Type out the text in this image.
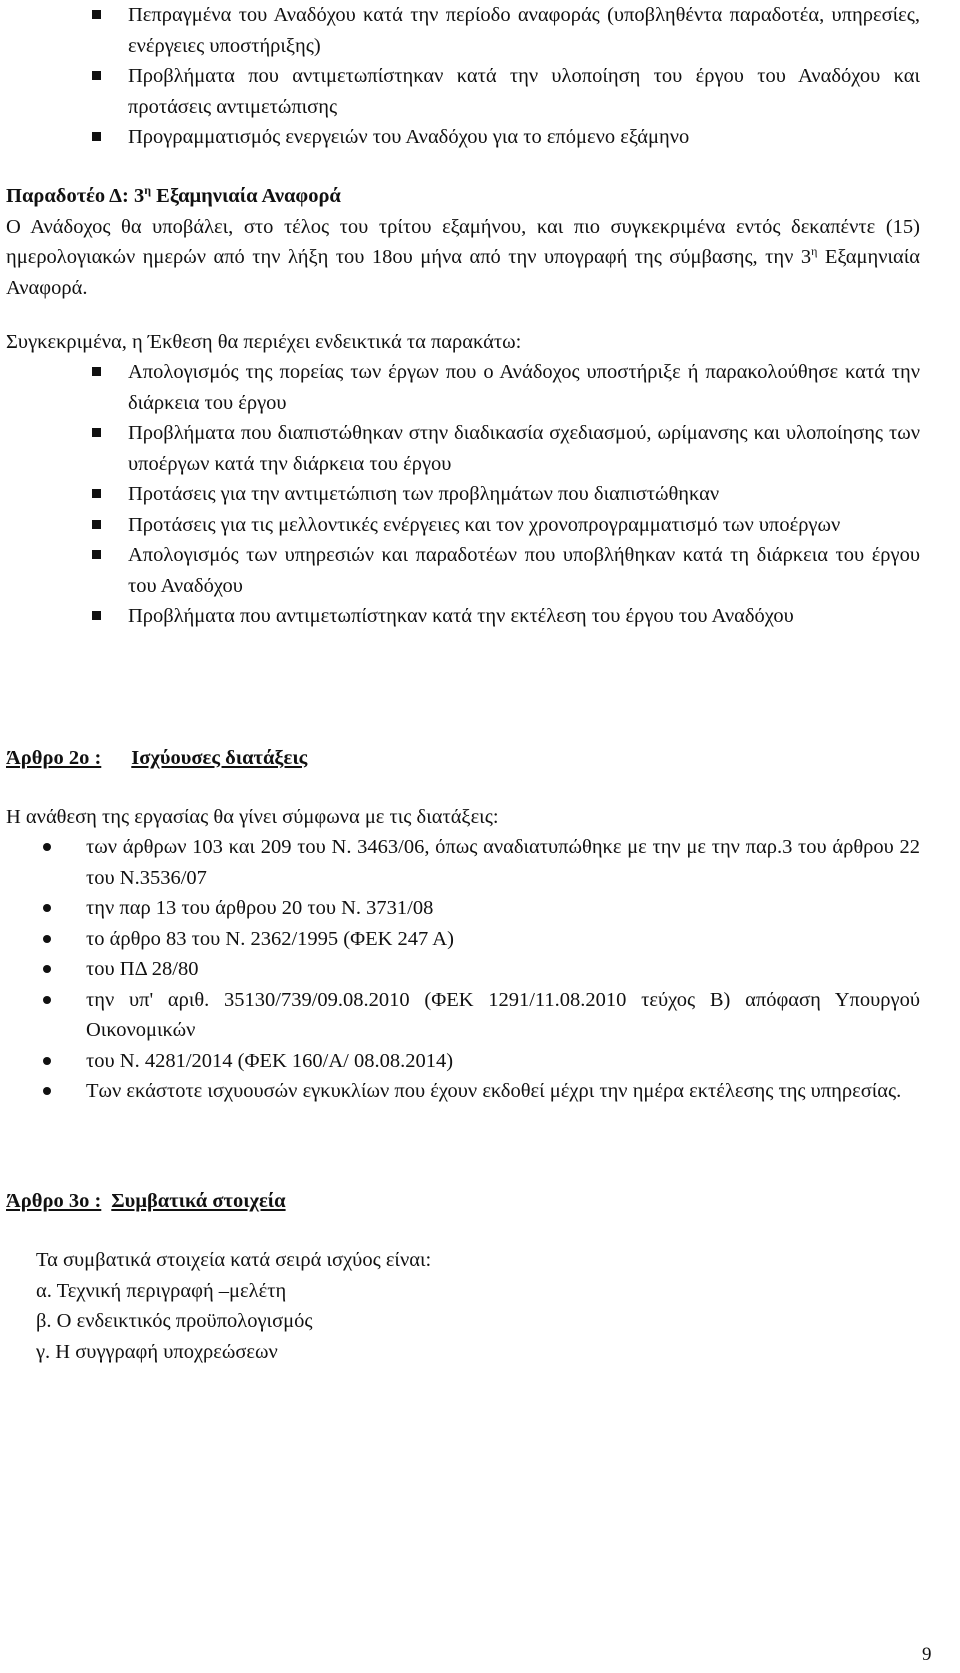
Πεπραγμένα του Αναδόχου κατά την περίοδο αναφοράς (υποβληθέντα παραδοτέα, υπηρεσίες, ενέργειες υποστήριξης)
Προβλήματα που αντιμετωπίστηκαν κατά την υλοποίηση του έργου του Αναδόχου και προτάσεις αντιμετώπισης
Προγραμματισμός ενεργειών του Αναδόχου για το επόμενο εξάμηνο

Παραδοτέο Δ: $3^\eta$ Εξαμηνιαία Αναφορά

Ο Ανάδοχος θα υποβάλει, στο τέλος του τρίτου εξαμήνου, και πιο συγκεκριμένα εντός δεκαπέντε (15) ημερολογιακών ημερών από την λήξη του 18ου μήνα από την υπογραφή της σύμβασης, την $3^\eta$ Εξαμηνιαία Αναφορά.

Συγκεκριμένα, η Έκθεση θα περιέχει ενδεικτικά τα παρακάτω:

Απολογισμός της πορείας των έργων που ο Ανάδοχος υποστήριξε ή παρακολούθησε κατά την διάρκεια του έργου
Προβλήματα που διαπιστώθηκαν στην διαδικασία σχεδιασμού, ωρίμανσης και υλοποίησης των υποέργων κατά την διάρκεια του έργου
Προτάσεις για την αντιμετώπιση των προβλημάτων που διαπιστώθηκαν
Προτάσεις για τις μελλοντικές ενέργειες και τον χρονοπρογραμματισμό των υποέργων
Απολογισμός των υπηρεσιών και παραδοτέων που υποβλήθηκαν κατά τη διάρκεια του έργου του Αναδόχου
Προβλήματα που αντιμετωπίστηκαν κατά την εκτέλεση του έργου του Αναδόχου

Άρθρο 2ο : Ισχύουσες διατάξεις

Η ανάθεση της εργασίας θα γίνει σύμφωνα με τις διατάξεις:

των άρθρων 103 και 209 του Ν. 3463/06, όπως αναδιατυπώθηκε με την με την παρ.3 του άρθρου 22 του Ν.3536/07
την παρ 13 του άρθρου 20 του Ν. 3731/08
το άρθρο 83 του Ν. 2362/1995 (ΦΕΚ 247 Α)
του ΠΔ 28/80
την υπ' αριθ. 35130/739/09.08.2010 (ΦΕΚ 1291/11.08.2010 τεύχος Β) απόφαση Υπουργού Οικονομικών
του Ν. 4281/2014 (ΦΕΚ 160/Α/ 08.08.2014)
Των εκάστοτε ισχυουσών εγκυκλίων που έχουν εκδοθεί μέχρι την ημέρα εκτέλεσης της υπηρεσίας.

Άρθρο 3ο : Συμβατικά στοιχεία

Τα συμβατικά στοιχεία κατά σειρά ισχύος είναι:

α. Τεχνική περιγραφή –μελέτη

β. Ο ενδεικτικός προϋπολογισμός

γ. Η συγγραφή υποχρεώσεων

9
